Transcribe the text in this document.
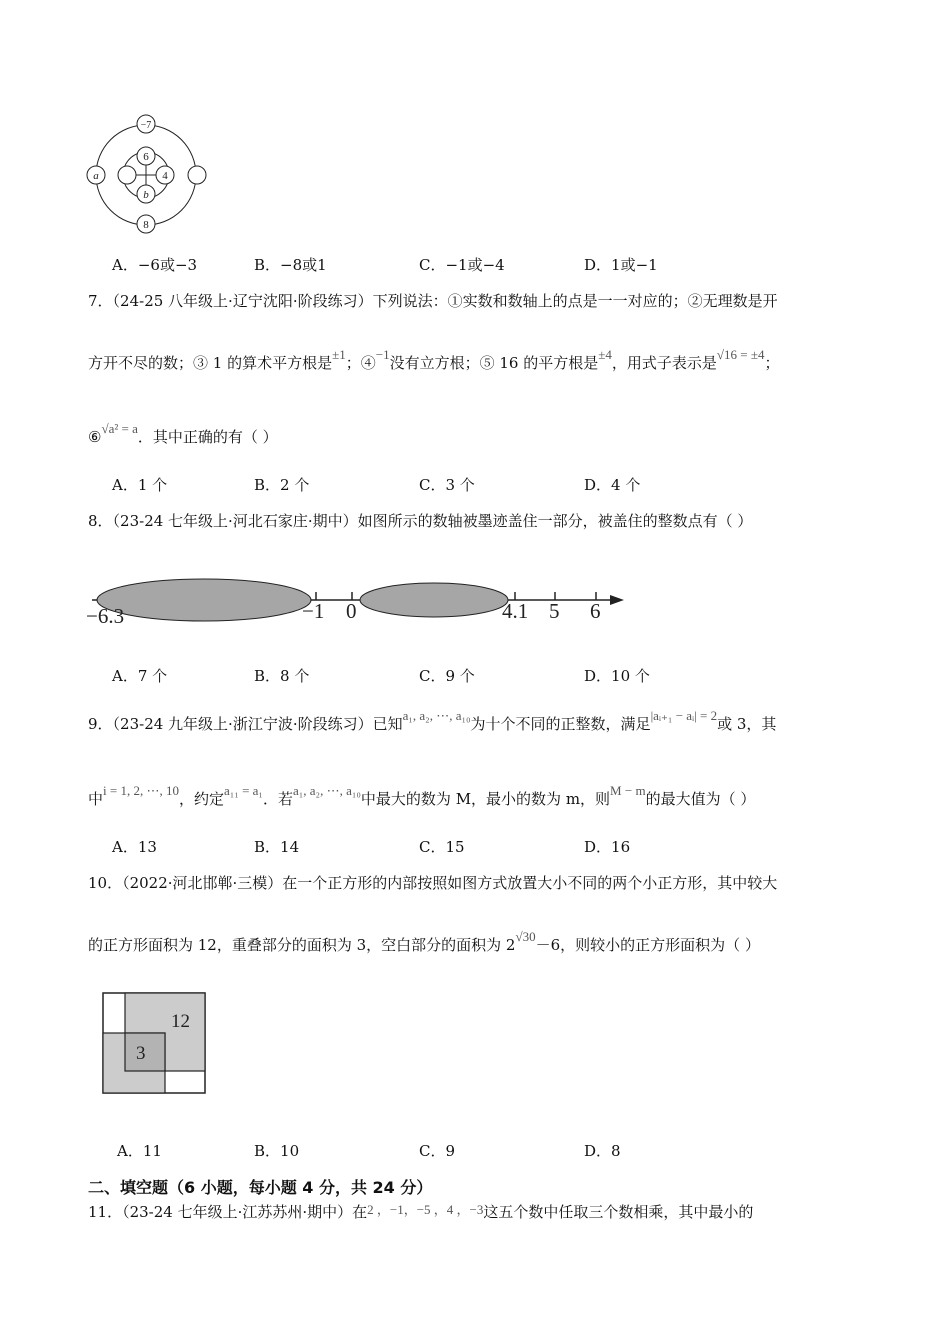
−7
a
8
6
4
b
A．−6或−3	B．−8或1	C．−1或−4	D．1或−1
7．（24-25 八年级上·辽宁沈阳·阶段练习）下列说法：①实数和数轴上的点是一一对应的；②无理数是开
方开不尽的数；③ 1 的算术平方根是±1；④−1没有立方根；⑤ 16 的平方根是±4，用式子表示是√16 = ±4；
⑥√a² = a．其中正确的有（ ）
A．1 个	B．2 个	C．3 个	D．4 个
8．（23-24 七年级上·河北石家庄·期中）如图所示的数轴被墨迹盖住一部分，被盖住的整数点有（ ）
−6.3	−1 0	4.1 5 6
A．7 个	B．8 个	C．9 个	D．10 个
9．（23-24 九年级上·浙江宁波·阶段练习）已知a₁, a₂, ⋯, a₁₀为十个不同的正整数，满足|aᵢ₊₁ − aᵢ| = 2或 3，其
中i = 1, 2, ⋯, 10，约定a₁₁ = a₁．若a₁, a₂, ⋯, a₁₀中最大的数为 M，最小的数为 m，则M − m的最大值为（ ）
A．13	B．14	C．15	D．16
10．（2022·河北邯郸·三模）在一个正方形的内部按照如图方式放置大小不同的两个小正方形，其中较大
的正方形面积为 12，重叠部分的面积为 3，空白部分的面积为 2√30－6，则较小的正方形面积为（ ）
12
3
A．11	B．10	C．9	D．8
二、填空题（6 小题，每小题 4 分，共 24 分）
11．（23-24 七年级上·江苏苏州·期中）在2 ，−1，−5 ，4 ，−3这五个数中任取三个数相乘，其中最小的
